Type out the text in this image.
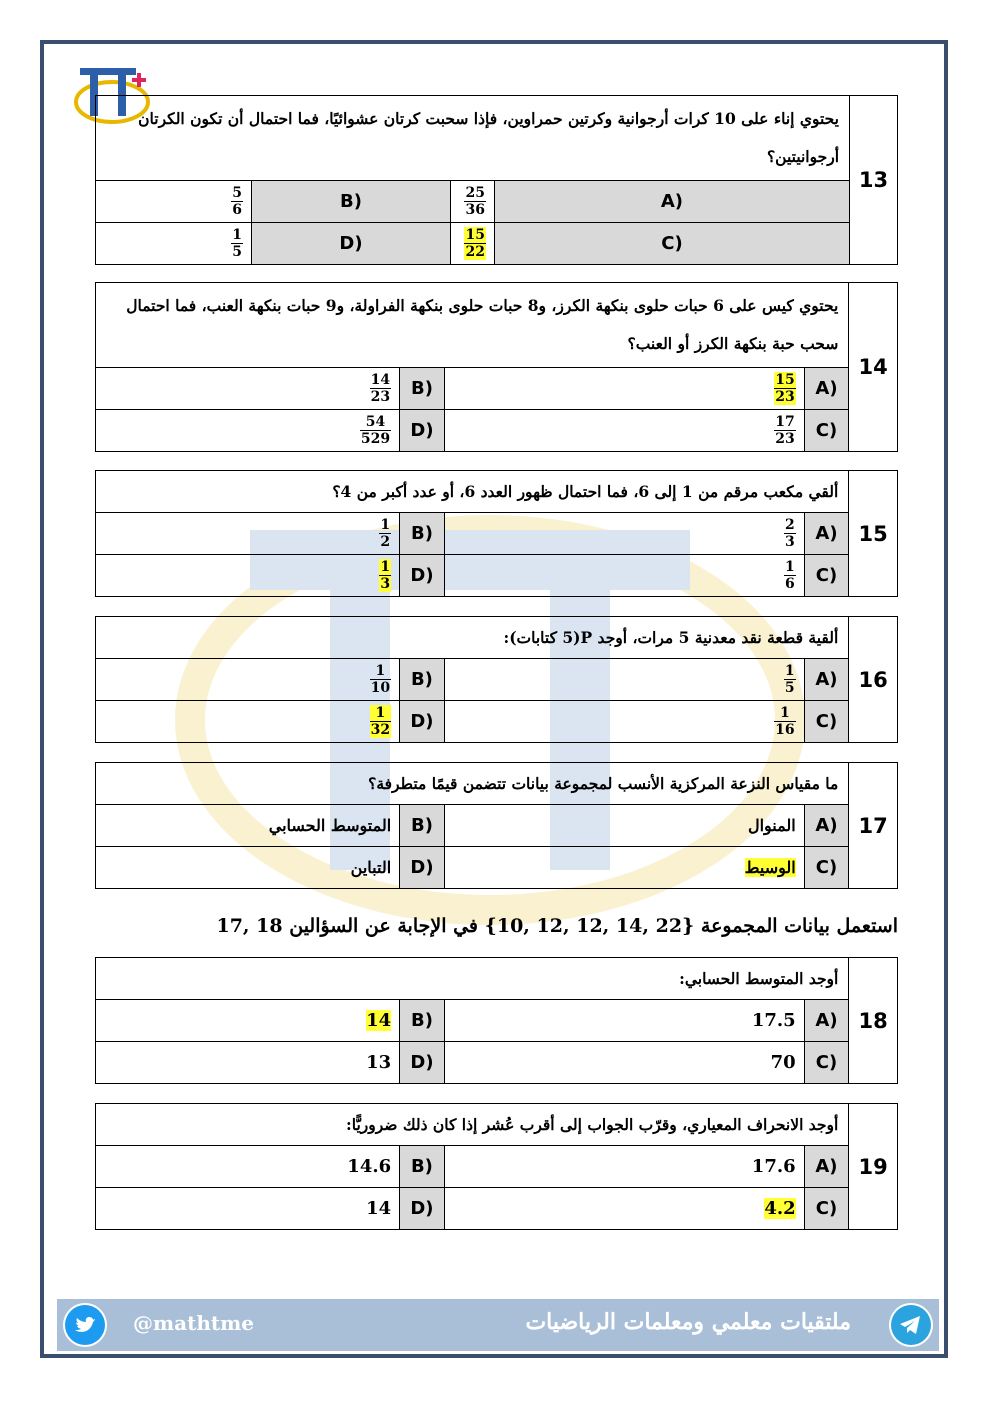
يحتوي إناء على 10 كرات أرجوانية وكرتين حمراوين، فإذا سحبت كرتان عشوائيًا، فما احتمال أن تكون الكرتان أرجوانيتين؟				13

$\frac{5}{6}$	B)	$\frac{25}{36}$	A)	

$\frac{1}{5}$	D)	$\frac{15}{22}$	C)	
يحتوي كيس على 6 حبات حلوى بنكهة الكرز، و8 حبات حلوى بنكهة الفراولة، و9 حبات بنكهة العنب، فما احتمال سحب حبة بنكهة الكرز أو العنب؟				14

$\frac{14}{23}$	B)	$\frac{15}{23}$	A)	

$\frac{54}{529}$	D)	$\frac{17}{23}$	C)	
ألقي مكعب مرقم من 1 إلى 6، فما احتمال ظهور العدد 6، أو عدد أكبر من 4؟				15

$\frac{1}{2}$	B)	$\frac{2}{3}$	A)	

$\frac{1}{3}$	D)	$\frac{1}{6}$	C)	
ألقية قطعة نقد معدنية 5 مرات، أوجد P(5 كتابات):				16

$\frac{1}{10}$	B)	$\frac{1}{5}$	A)	

$\frac{1}{32}$	D)	$\frac{1}{16}$	C)	
ما مقياس النزعة المركزية الأنسب لمجموعة بيانات تتضمن قيمًا متطرفة؟				17
المتوسط الحسابي	B)	المنوال	A)	
التباين	D)	الوسيط	C)	
استعمل بيانات المجموعة {22 ,14 ,12 ,12 ,10} في الإجابة عن السؤالين 18 ,17
أوجد المتوسط الحسابي:				18
14	B)	17.5	A)	
13	D)	70	C)	
أوجد الانحراف المعياري، وقرّب الجواب إلى أقرب عُشر إذا كان ذلك ضروريًّا:				19
14.6	B)	17.6	A)	
14	D)	4.2	C)	
@mathtme	ملتقيات معلمي ومعلمات الرياضيات
